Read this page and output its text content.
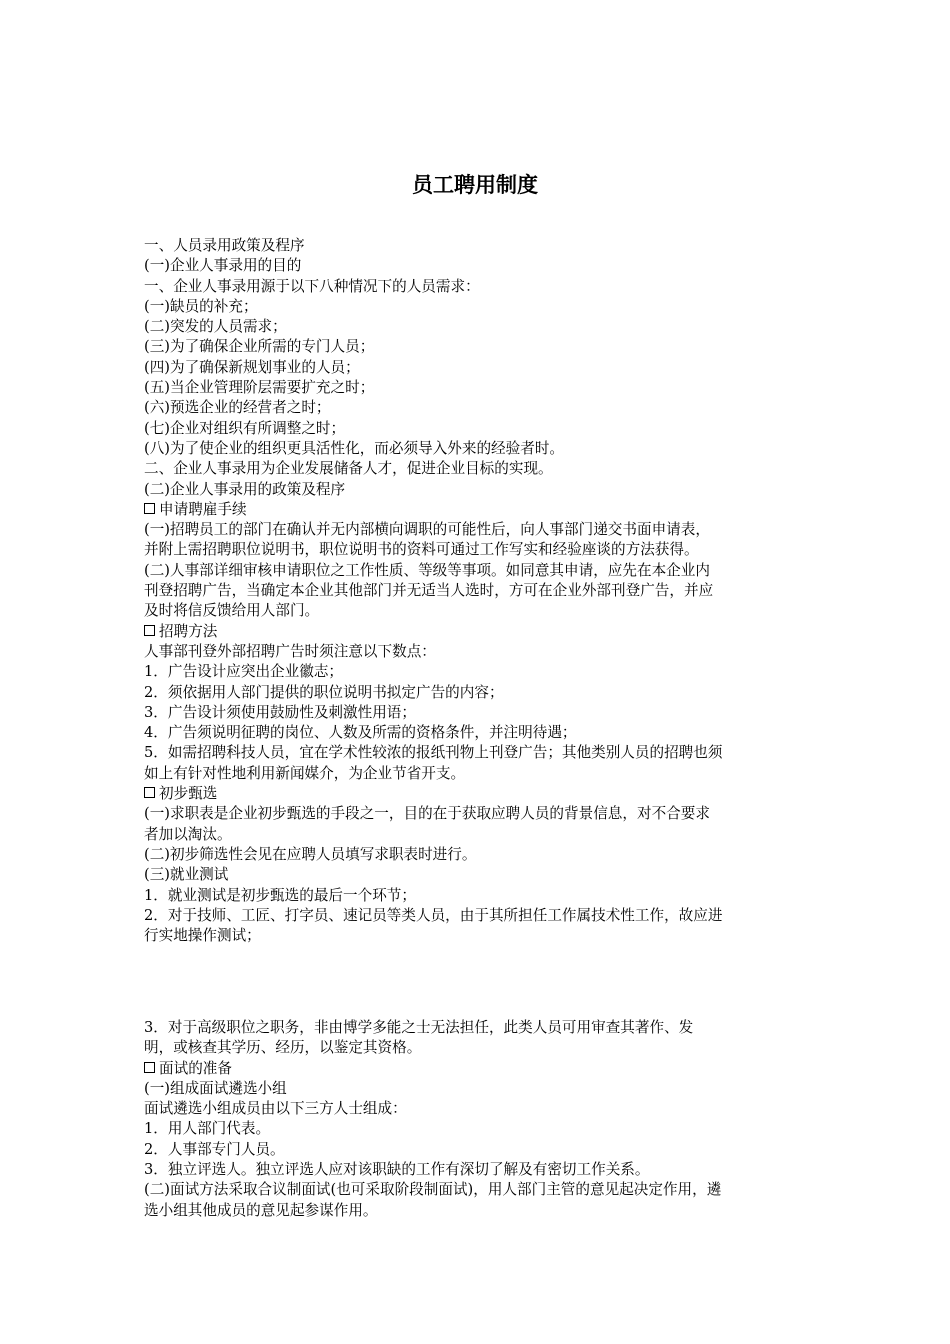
员工聘用制度

一、人员录用政策及程序

(一)企业人事录用的目的

一、企业人事录用源于以下八种情况下的人员需求：

(一)缺员的补充；

(二)突发的人员需求；

(三)为了确保企业所需的专门人员；

(四)为了确保新规划事业的人员；

(五)当企业管理阶层需要扩充之时；

(六)预选企业的经营者之时；

(七)企业对组织有所调整之时；

(八)为了使企业的组织更具活性化，而必须导入外来的经验者时。

二、企业人事录用为企业发展储备人才，促进企业目标的实现。

(二)企业人事录用的政策及程序

申请聘雇手续

(一)招聘员工的部门在确认并无内部横向调职的可能性后，向人事部门递交书面申请表，
并附上需招聘职位说明书，职位说明书的资料可通过工作写实和经验座谈的方法获得。

(二)人事部详细审核申请职位之工作性质、等级等事项。如同意其申请，应先在本企业内
刊登招聘广告，当确定本企业其他部门并无适当人选时，方可在企业外部刊登广告，并应
及时将信反馈给用人部门。

招聘方法

人事部刊登外部招聘广告时须注意以下数点：

1．广告设计应突出企业徽志；

2．须依据用人部门提供的职位说明书拟定广告的内容；

3．广告设计须使用鼓励性及刺激性用语；

4．广告须说明征聘的岗位、人数及所需的资格条件，并注明待遇；

5．如需招聘科技人员，宜在学术性较浓的报纸刊物上刊登广告；其他类别人员的招聘也须
如上有针对性地利用新闻媒介，为企业节省开支。

初步甄选

(一)求职表是企业初步甄选的手段之一，目的在于获取应聘人员的背景信息，对不合要求
者加以淘汰。

(二)初步筛选性会见在应聘人员填写求职表时进行。

(三)就业测试

1．就业测试是初步甄选的最后一个环节；

2．对于技师、工匠、打字员、速记员等类人员，由于其所担任工作属技术性工作，故应进
行实地操作测试；

3．对于高级职位之职务，非由博学多能之士无法担任，此类人员可用审查其著作、发
明，或核查其学历、经历，以鉴定其资格。

面试的准备

(一)组成面试遴选小组

面试遴选小组成员由以下三方人士组成：

1．用人部门代表。

2．人事部专门人员。

3．独立评选人。独立评选人应对该职缺的工作有深切了解及有密切工作关系。

(二)面试方法采取合议制面试(也可采取阶段制面试)，用人部门主管的意见起决定作用，遴
选小组其他成员的意见起参谋作用。
